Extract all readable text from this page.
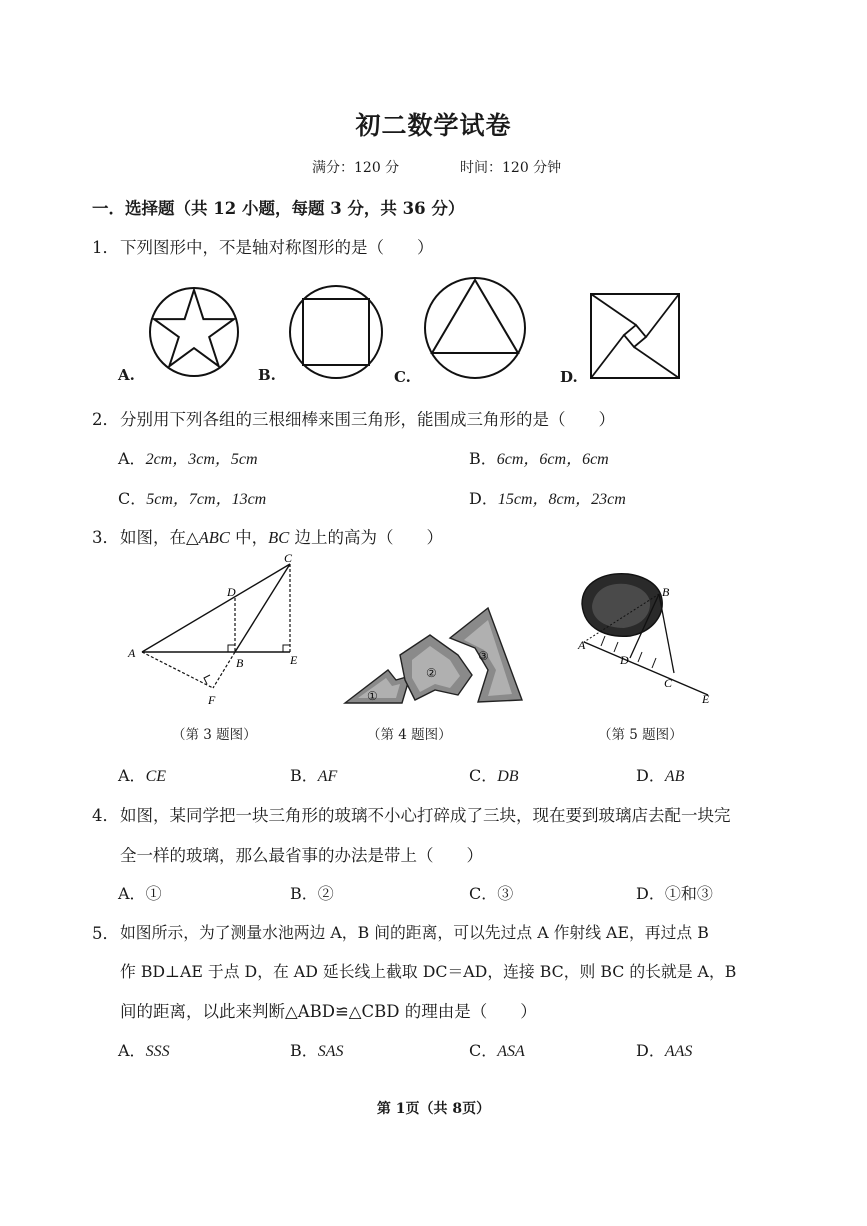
初二数学试卷
满分：120 分	时间：120 分钟
一．选择题（共 12 小题，每题 3 分，共 36 分）
1． 下列图形中，不是轴对称图形的是（　　）
A.	B.	C.	D.
2． 分别用下列各组的三根细棒来围三角形，能围成三角形的是（　　）
A．2cm，3cm，5cm	B．6cm，6cm，6cm
C．5cm，7cm，13cm	D．15cm，8cm，23cm
3． 如图，在△ABC 中，BC 边上的高为（　　）
A
B
C
D
E
F	①
②
③
A
B
C
D
E
（第 3 题图）	（第 4 题图）	（第 5 题图）
A．CE	B．AF	C．DB	D．AB
4． 如图，某同学把一块三角形的玻璃不小心打碎成了三块，现在要到玻璃店去配一块完
全一样的玻璃，那么最省事的办法是带上（　　）
A．①	B．②	C．③	D．①和③
5． 如图所示，为了测量水池两边 A，B 间的距离，可以先过点 A 作射线 AE，再过点 B
作 BD⊥AE 于点 D，在 AD 延长线上截取 DC＝AD，连接 BC，则 BC 的长就是 A，B
间的距离，以此来判断△ABD≌△CBD 的理由是（　　）
A．SSS	B．SAS	C．ASA	D．AAS
第 1页（共 8页）
